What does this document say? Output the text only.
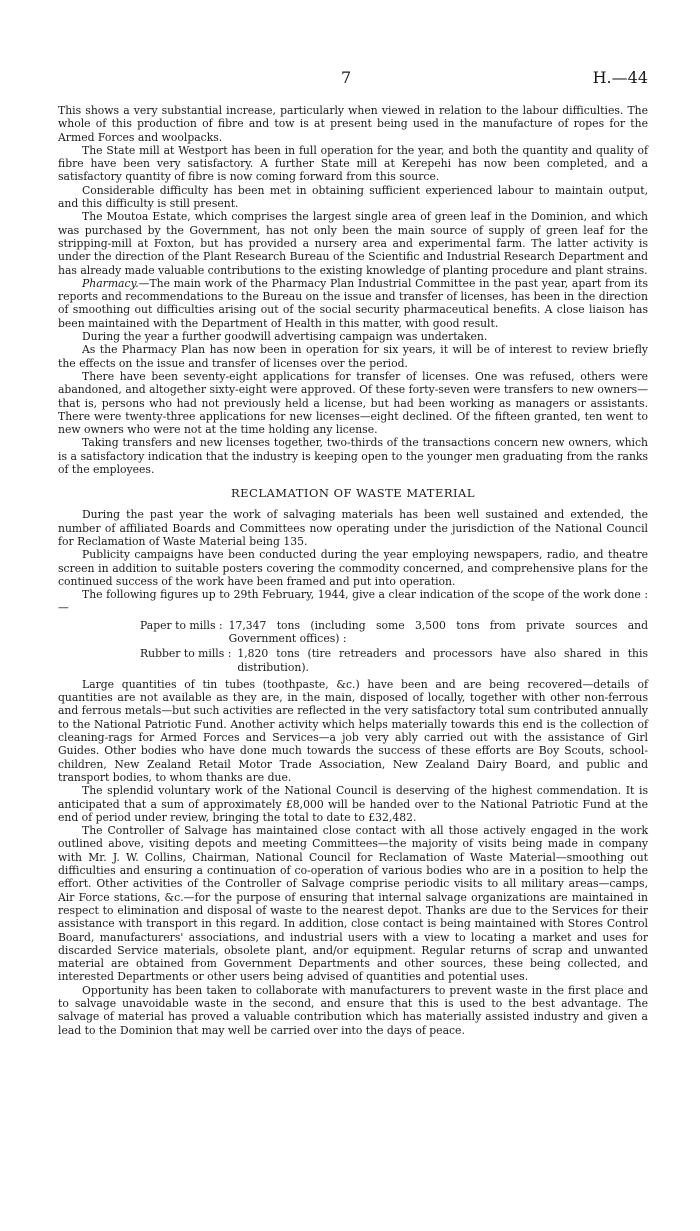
7	H.—44

This shows a very substantial increase, particularly when viewed in relation to the labour difficulties. The whole of this production of fibre and tow is at present being used in the manufacture of ropes for the Armed Forces and woolpacks.

The State mill at Westport has been in full operation for the year, and both the quantity and quality of fibre have been very satisfactory. A further State mill at Kerepehi has now been completed, and a satisfactory quantity of fibre is now coming forward from this source.

Considerable difficulty has been met in obtaining sufficient experienced labour to maintain output, and this difficulty is still present.

The Moutoa Estate, which comprises the largest single area of green leaf in the Dominion, and which was purchased by the Government, has not only been the main source of supply of green leaf for the stripping-mill at Foxton, but has provided a nursery area and experimental farm. The latter activity is under the direction of the Plant Research Bureau of the Scientific and Industrial Research Department and has already made valuable contributions to the existing knowledge of planting procedure and plant strains.

Pharmacy.—The main work of the Pharmacy Plan Industrial Committee in the past year, apart from its reports and recommendations to the Bureau on the issue and transfer of licenses, has been in the direction of smoothing out difficulties arising out of the social security pharmaceutical benefits. A close liaison has been maintained with the Department of Health in this matter, with good result.

During the year a further goodwill advertising campaign was undertaken.

As the Pharmacy Plan has now been in operation for six years, it will be of interest to review briefly the effects on the issue and transfer of licenses over the period.

There have been seventy-eight applications for transfer of licenses. One was refused, others were abandoned, and altogether sixty-eight were approved. Of these forty-seven were transfers to new owners—that is, persons who had not previously held a license, but had been working as managers or assistants. There were twenty-three applications for new licenses—eight declined. Of the fifteen granted, ten went to new owners who were not at the time holding any license.

Taking transfers and new licenses together, two-thirds of the transactions concern new owners, which is a satisfactory indication that the industry is keeping open to the younger men graduating from the ranks of the employees.

RECLAMATION OF WASTE MATERIAL

During the past year the work of salvaging materials has been well sustained and extended, the number of affiliated Boards and Committees now operating under the jurisdiction of the National Council for Reclamation of Waste Material being 135.

Publicity campaigns have been conducted during the year employing newspapers, radio, and theatre screen in addition to suitable posters covering the commodity concerned, and comprehensive plans for the continued success of the work have been framed and put into operation.

The following figures up to 29th February, 1944, give a clear indication of the scope of the work done :—

Paper to mills : 17,347 tons (including some 3,500 tons from private sources and Government offices) :
Rubber to mills : 1,820 tons (tire retreaders and processors have also shared in this distribution).

Large quantities of tin tubes (toothpaste, &c.) have been and are being recovered—details of quantities are not available as they are, in the main, disposed of locally, together with other non-ferrous and ferrous metals—but such activities are reflected in the very satisfactory total sum contributed annually to the National Patriotic Fund. Another activity which helps materially towards this end is the collection of cleaning-rags for Armed Forces and Services—a job very ably carried out with the assistance of Girl Guides. Other bodies who have done much towards the success of these efforts are Boy Scouts, school-children, New Zealand Retail Motor Trade Association, New Zealand Dairy Board, and public and transport bodies, to whom thanks are due.

The splendid voluntary work of the National Council is deserving of the highest commendation. It is anticipated that a sum of approximately £8,000 will be handed over to the National Patriotic Fund at the end of period under review, bringing the total to date to £32,482.

The Controller of Salvage has maintained close contact with all those actively engaged in the work outlined above, visiting depots and meeting Committees—the majority of visits being made in company with Mr. J. W. Collins, Chairman, National Council for Reclamation of Waste Material—smoothing out difficulties and ensuring a continuation of co-operation of various bodies who are in a position to help the effort. Other activities of the Controller of Salvage comprise periodic visits to all military areas—camps, Air Force stations, &c.—for the purpose of ensuring that internal salvage organizations are maintained in respect to elimination and disposal of waste to the nearest depot. Thanks are due to the Services for their assistance with transport in this regard. In addition, close contact is being maintained with Stores Control Board, manufacturers' associations, and industrial users with a view to locating a market and uses for discarded Service materials, obsolete plant, and/or equipment. Regular returns of scrap and unwanted material are obtained from Government Departments and other sources, these being collected, and interested Departments or other users being advised of quantities and potential uses.

Opportunity has been taken to collaborate with manufacturers to prevent waste in the first place and to salvage unavoidable waste in the second, and ensure that this is used to the best advantage. The salvage of material has proved a valuable contribution which has materially assisted industry and given a lead to the Dominion that may well be carried over into the days of peace.
